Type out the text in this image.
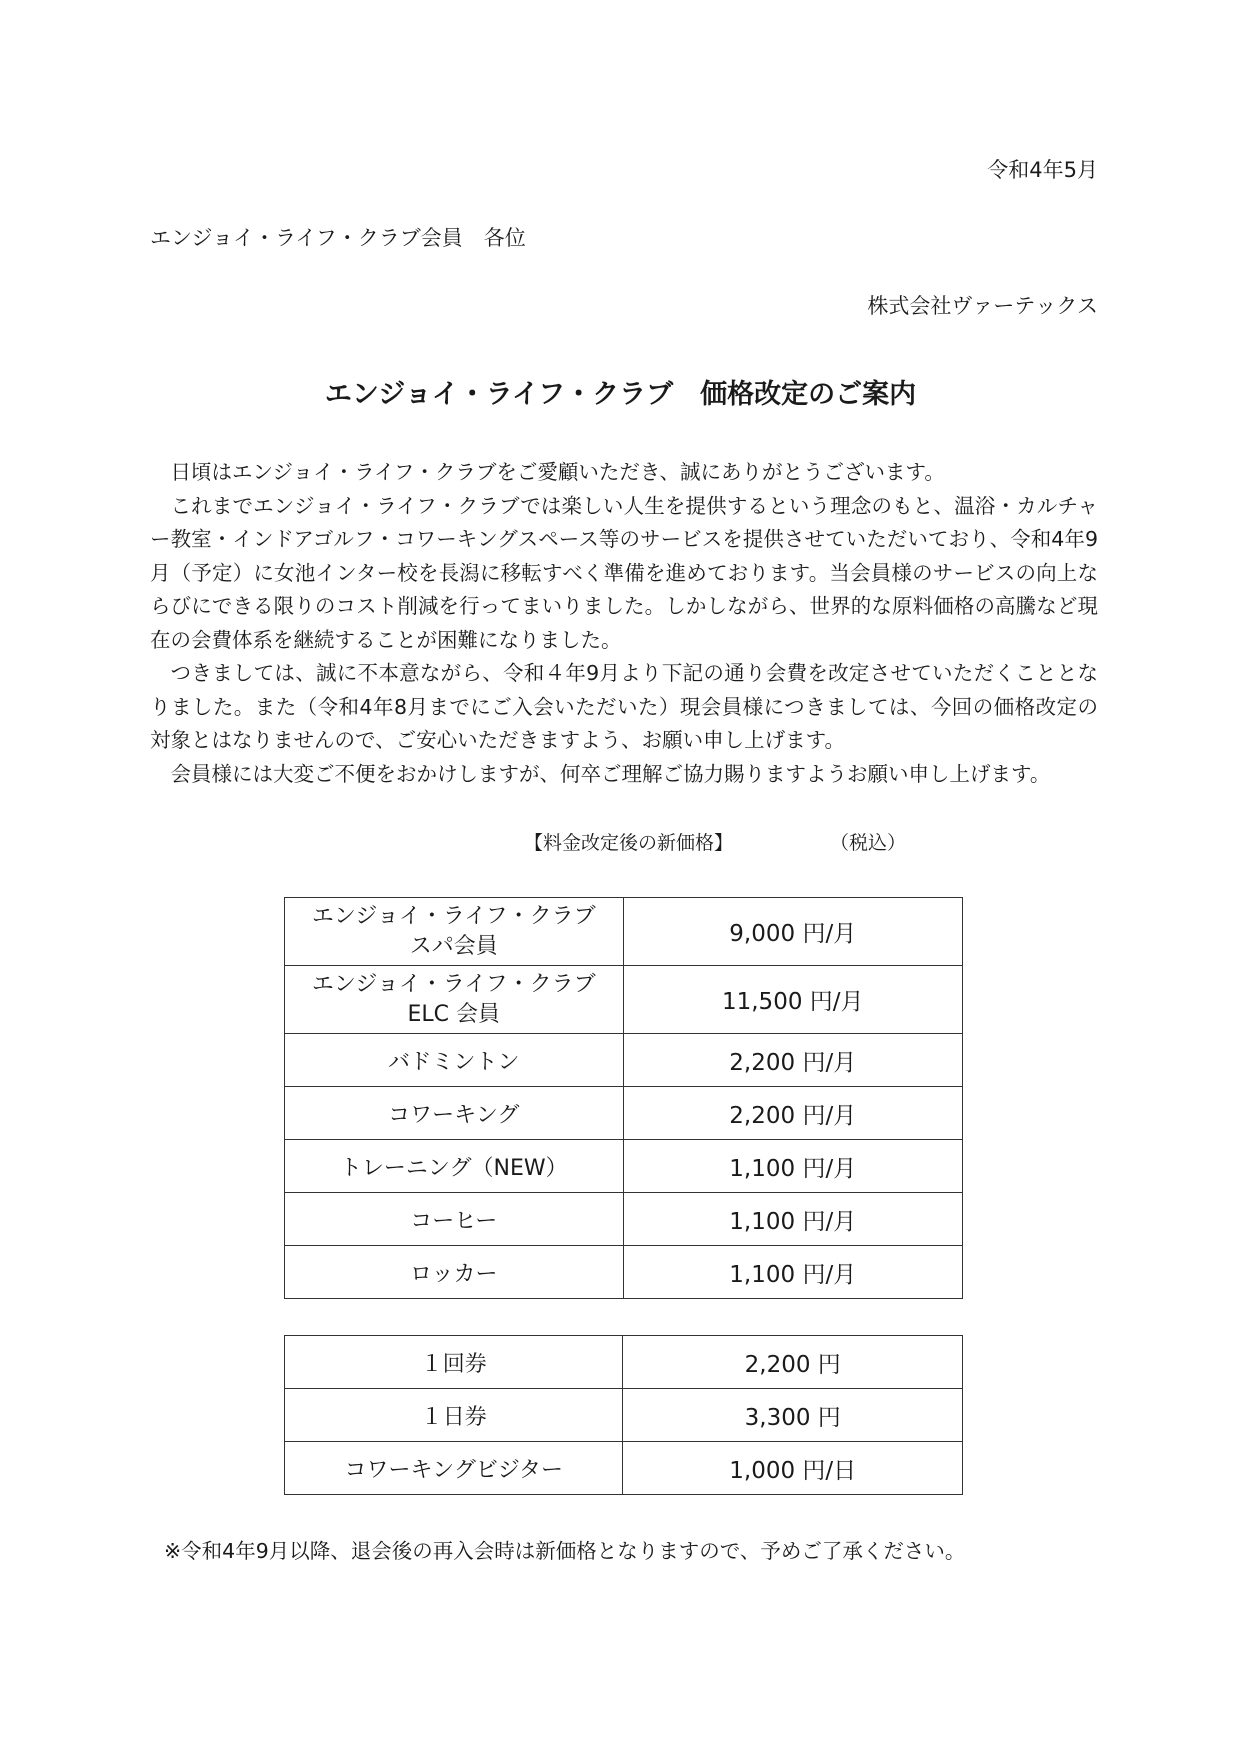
令和4年5月
エンジョイ・ライフ・クラブ会員　各位
株式会社ヴァーテックス
エンジョイ・ライフ・クラブ　価格改定のご案内

日頃はエンジョイ・ライフ・クラブをご愛顧いただき、誠にありがとうございます。

これまでエンジョイ・ライフ・クラブでは楽しい人生を提供するという理念のもと、温浴・カルチャー教室・インドアゴルフ・コワーキングスペース等のサービスを提供させていただいており、令和4年9月（予定）に女池インター校を長潟に移転すべく準備を進めております。当会員様のサービスの向上ならびにできる限りのコスト削減を行ってまいりました。しかしながら、世界的な原料価格の高騰など現在の会費体系を継続することが困難になりました。

つきましては、誠に不本意ながら、令和４年9月より下記の通り会費を改定させていただくこととなりました。また（令和4年8月までにご入会いただいた）現会員様につきましては、今回の価格改定の対象とはなりませんので、ご安心いただきますよう、お願い申し上げます。

会員様には大変ご不便をおかけしますが、何卒ご理解ご協力賜りますようお願い申し上げます。

【料金改定後の新価格】	（税込）
エンジョイ・ライフ・クラブ
スパ会員	9,000 円/月

エンジョイ・ライフ・クラブ
ELC 会員	11,500 円/月
バドミントン	2,200 円/月
コワーキング	2,200 円/月
トレーニング（NEW）	1,100 円/月
コーヒー	1,100 円/月
ロッカー	1,100 円/月
１回券	2,200 円
１日券	3,300 円
コワーキングビジター	1,000 円/日
※令和4年9月以降、退会後の再入会時は新価格となりますので、予めご了承ください。
